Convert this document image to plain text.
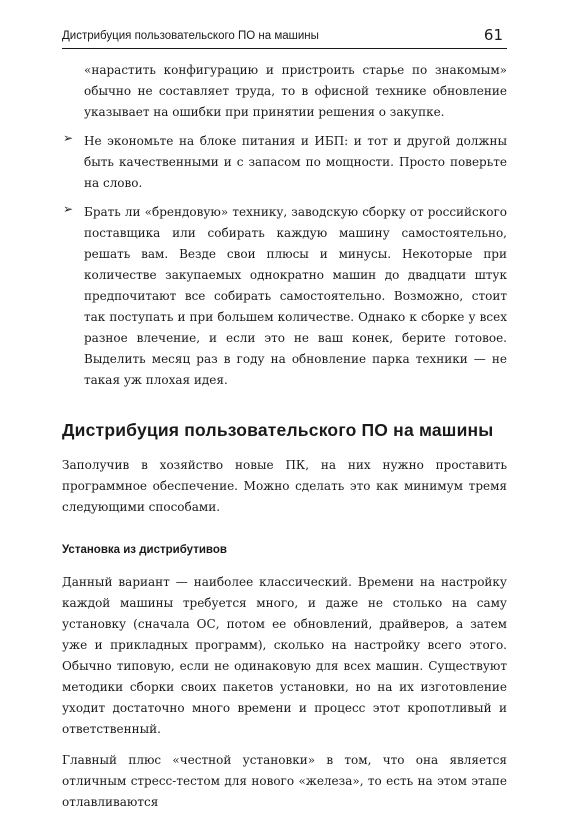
Дистрибуция пользовательского ПО на машины	61

«нарастить конфигурацию и пристроить старье по знакомым» обычно не составляет труда, то в офисной технике обновление указывает на ошибки при принятии решения о закупке.

➢ Не экономьте на блоке питания и ИБП: и тот и другой должны быть качественными и с запасом по мощности. Просто поверьте на слово.

➢ Брать ли «брендовую» технику, заводскую сборку от российского поставщика или собирать каждую машину самостоятельно, решать вам. Везде свои плюсы и минусы. Некоторые при количестве закупаемых однократно машин до двадцати штук предпочитают все собирать самостоятельно. Возможно, стоит так поступать и при большем количестве. Однако к сборке у всех разное влечение, и если это не ваш конек, берите готовое. Выделить месяц раз в году на обновление парка техники — не такая уж плохая идея.

Дистрибуция пользовательского ПО на машины

Заполучив в хозяйство новые ПК, на них нужно проставить программное обеспечение. Можно сделать это как минимум тремя следующими способами.

Установка из дистрибутивов

Данный вариант — наиболее классический. Времени на настройку каждой машины требуется много, и даже не столько на саму установку (сначала ОС, потом ее обновлений, драйверов, а затем уже и прикладных программ), сколько на настройку всего этого. Обычно типовую, если не одинаковую для всех машин. Существуют методики сборки своих пакетов установки, но на их изготовление уходит достаточно много времени и процесс этот кропотливый и ответственный.

Главный плюс «честной установки» в том, что она является отличным стресс-тестом для нового «железа», то есть на этом этапе отлавливаются
